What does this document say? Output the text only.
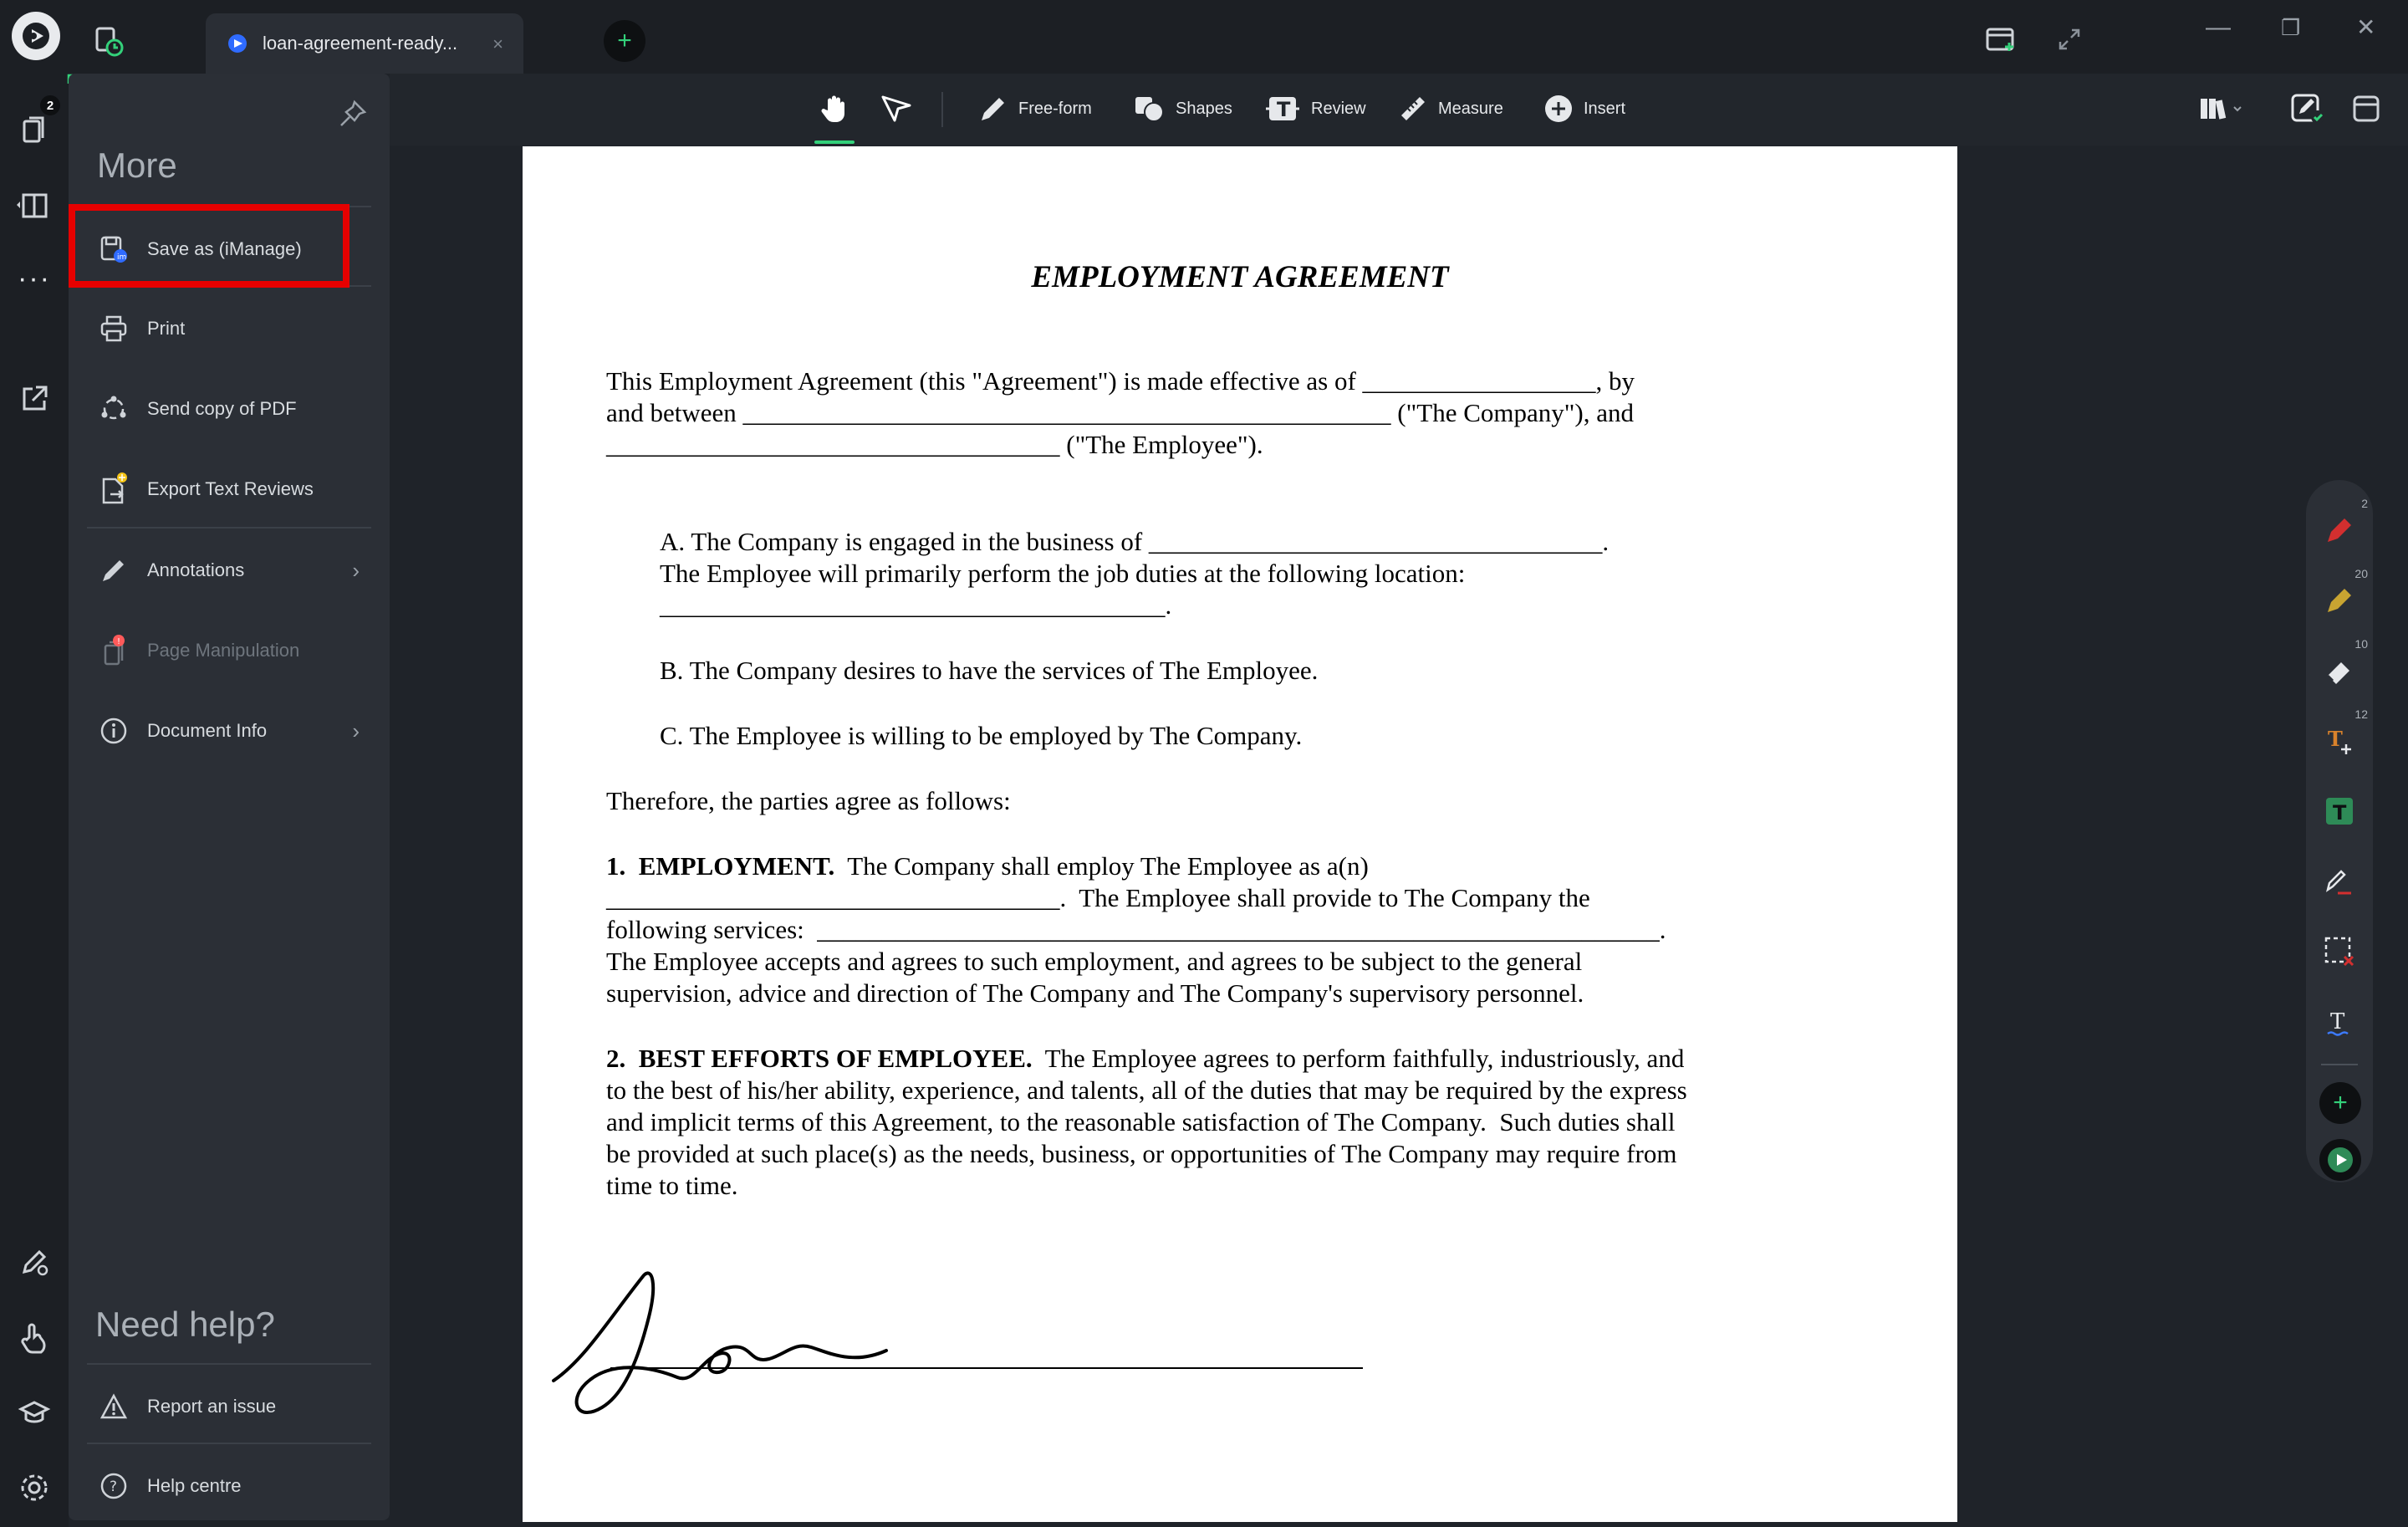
loan-agreement-ready... ×	+	— ❐ ✕
2
···
More
im Save as (iManage)
Print
Send copy of PDF
Export Text Reviews
Annotations	›
! Page Manipulation
Document Info	›
Need help?
Report an issue
? Help centre
Free-form	Shapes T Review	Measure	Insert
EMPLOYMENT AGREEMENT
This Employment Agreement (this "Agreement") is made effective as of __________________, by
and between __________________________________________________ ("The Company"), and
___________________________________ ("The Employee").
A. The Company is engaged in the business of ___________________________________.
The Employee will primarily perform the job duties at the following location:
_______________________________________.
B. The Company desires to have the services of The Employee.
C. The Employee is willing to be employed by The Company.
Therefore, the parties agree as follows:
1.  EMPLOYMENT.  The Company shall employ The Employee as a(n)
___________________________________.  The Employee shall provide to The Company the
following services:  _________________________________________________________________.
The Employee accepts and agrees to such employment, and agrees to be subject to the general
supervision, advice and direction of The Company and The Company's supervisory personnel.
2.  BEST EFFORTS OF EMPLOYEE.  The Employee agrees to perform faithfully, industriously, and
to the best of his/her ability, experience, and talents, all of the duties that may be required by the express
and implicit terms of this Agreement, to the reasonable satisfaction of The Company.  Such duties shall
be provided at such place(s) as the needs, business, or opportunities of The Company may require from
time to time.
2
20
10
T
12
T
T
+
